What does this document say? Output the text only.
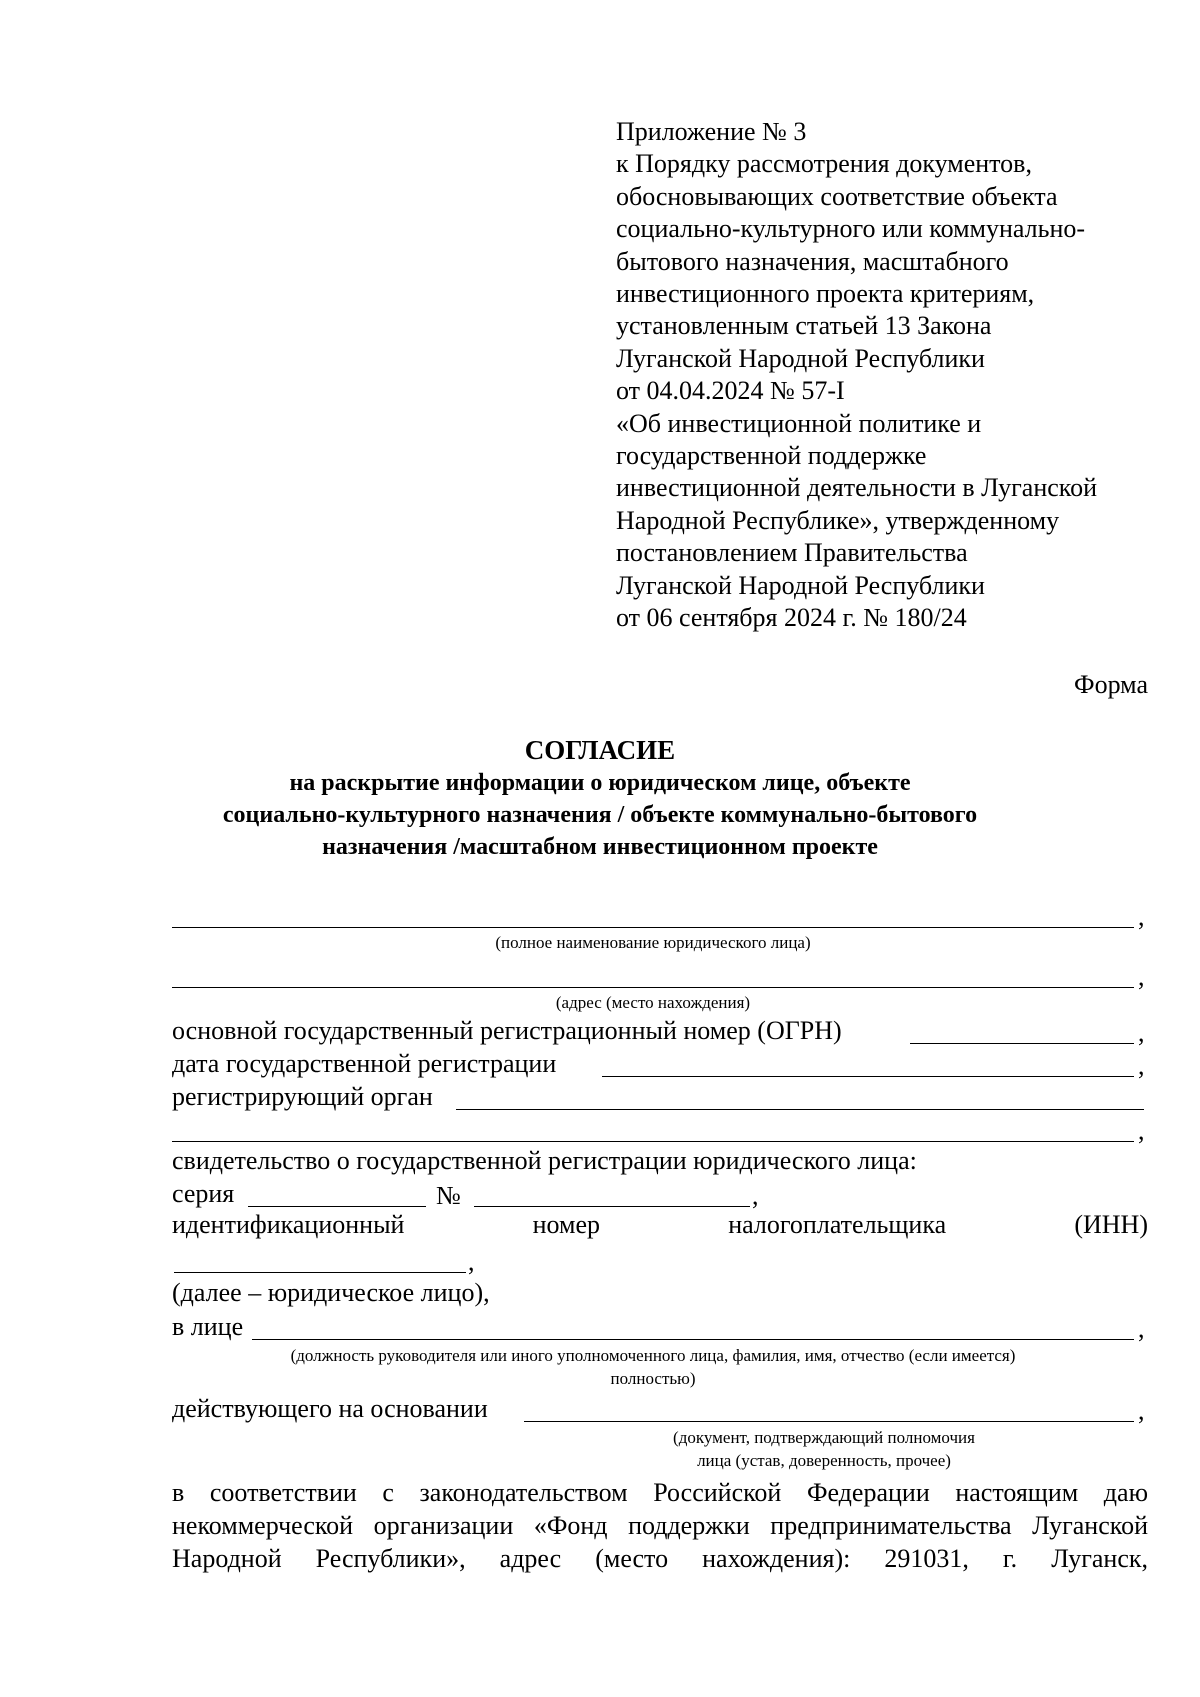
Приложение № 3
к Порядку рассмотрения документов,
обосновывающих соответствие объекта
социально-культурного или коммунально-
бытового назначения, масштабного
инвестиционного проекта критериям,
установленным статьей 13 Закона
Луганской Народной Республики
от 04.04.2024 № 57-I
«Об инвестиционной политике и
государственной поддержке
инвестиционной деятельности в Луганской
Народной Республике», утвержденному
постановлением Правительства
Луганской Народной Республики
от 06 сентября 2024 г. № 180/24
Форма
СОГЛАСИЕ
на раскрытие информации о юридическом лице, объекте
социально-культурного назначения / объекте коммунально-бытового
назначения /масштабном инвестиционном проекте
,
(полное наименование юридического лица)
,
(адрес (место нахождения)
основной государственный регистрационный номер (ОГРН)	,
дата государственной регистрации	,
регистрирующий орган
,
свидетельство о государственной регистрации юридического лица:
серия	№	,
идентификационный	номер	налогоплательщика	(ИНН)
,
(далее – юридическое лицо),
в лице	,
(должность руководителя или иного уполномоченного лица, фамилия, имя, отчество (если имеется)
полностью)
действующего на основании	,
(документ, подтверждающий полномочия
лица (устав, доверенность, прочее)

в соответствии с законодательством Российской Федерации настоящим даю

некоммерческой организации «Фонд поддержки предпринимательства Луганской

Народной Республики», адрес (место нахождения): 291031, г. Луганск,
